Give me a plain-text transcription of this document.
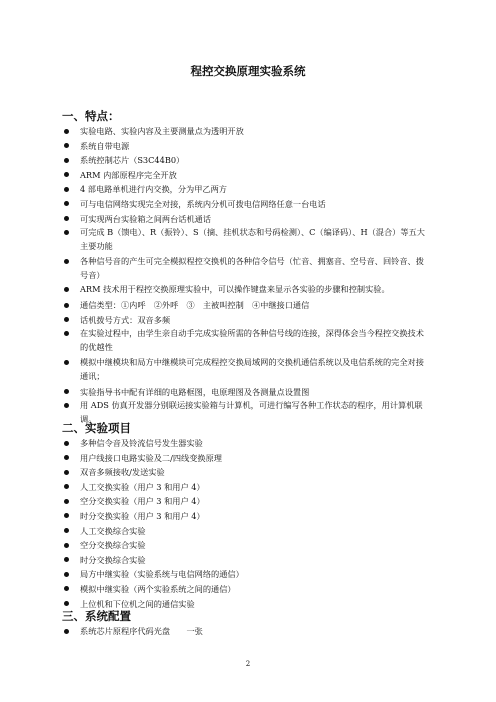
程控交换原理实验系统
一、特点：
实验电路、实验内容及主要测量点为透明开放
系统自带电源
系统控制芯片（S3C44B0）
ARM 内部原程序完全开放
4 部电路单机进行内交换，分为甲乙两方
可与电信网络实现完全对接，系统内分机可拨电信网络任意一台电话
可实现两台实验箱之间两台话机通话
可完成 B（馈电）、R（振铃）、S（摘、挂机状态和号码检测）、C（编译码）、H（混合）等五大主要功能
各种信号音的产生可完全模拟程控交换机的各种信令信号（忙音、拥塞音、空号音、回铃音、拨号音）
ARM 技术用于程控交换原理实验中，可以操作键盘来显示各实验的步骤和控制实验。
通信类型：①内呼　②外呼　③　主被叫控制　④中继接口通信
话机拨号方式：双音多频
在实验过程中，由学生亲自动手完成实验所需的各种信号线的连接，深得体会当今程控交换技术的优越性
模拟中继模块和局方中继模块可完成程控交换局域网的交换机通信系统以及电信系统的完全对接通讯；
实验指导书中配有详细的电路框图，电原理图及各测量点设置图
用 ADS 仿真开发器分别联运接实验箱与计算机，可进行编写各种工作状态的程序，用计算机联调。
二、实验项目
多种信令音及铃流信号发生器实验
用户线接口电路实验及二/四线变换原理
双音多频接收/发送实验
人工交换实验（用户 3 和用户 4）
空分交换实验（用户 3 和用户 4）
时分交换实验（用户 3 和用户 4）
人工交换综合实验
空分交换综合实验
时分交换综合实验
局方中继实验（实验系统与电信网络的通信）
模拟中继实验（两个实验系统之间的通信）
上位机和下位机之间的通信实验
三、系统配置
系统芯片原程序代码光盘　　一张
2
